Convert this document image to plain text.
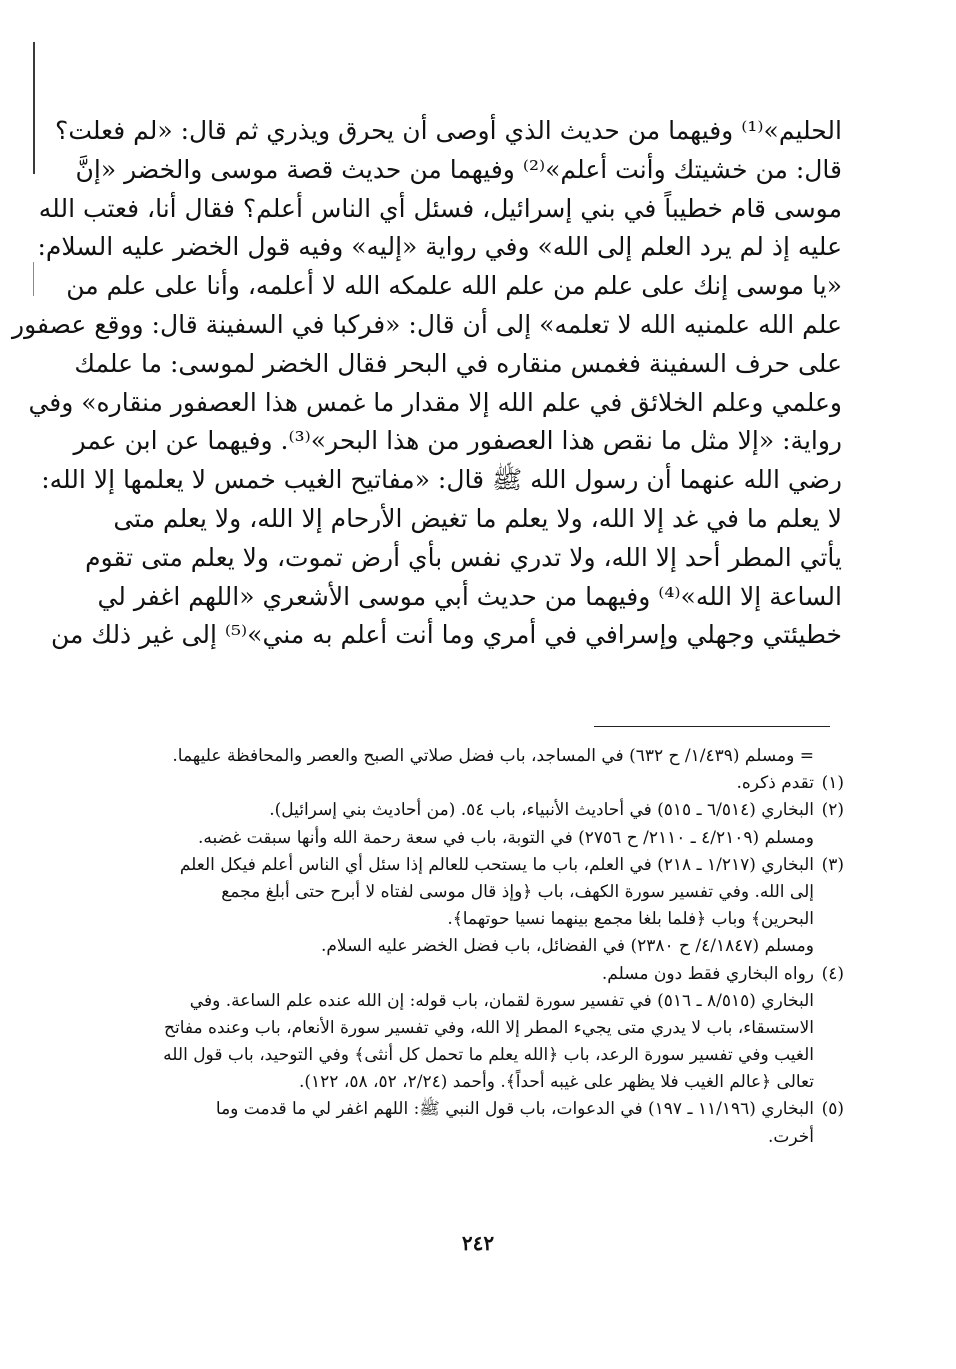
الحليم»⁽¹⁾ وفيهما من حديث الذي أوصى أن يحرق ويذري ثم قال: «لم فعلت؟
قال: من خشيتك وأنت أعلم»⁽²⁾ وفيهما من حديث قصة موسى والخضر «إنَّ
موسى قام خطيباً في بني إسرائيل، فسئل أي الناس أعلم؟ فقال أنا، فعتب الله
عليه إذ لم يرد العلم إلى الله» وفي رواية «إليه» وفيه قول الخضر عليه السلام:
«يا موسى إنك على علم من علم الله علمكه الله لا أعلمه، وأنا على علم من
علم الله علمنيه الله لا تعلمه» إلى أن قال: «فركبا في السفينة قال: ووقع عصفور
على حرف السفينة فغمس منقاره في البحر فقال الخضر لموسى: ما علمك
وعلمي وعلم الخلائق في علم الله إلا مقدار ما غمس هذا العصفور منقاره» وفي
رواية: «إلا مثل ما نقص هذا العصفور من هذا البحر»⁽³⁾. وفيهما عن ابن عمر
رضي الله عنهما أن رسول الله ﷺ قال: «مفاتيح الغيب خمس لا يعلمها إلا الله:
لا يعلم ما في غد إلا الله، ولا يعلم ما تغيض الأرحام إلا الله، ولا يعلم متى
يأتي المطر أحد إلا الله، ولا تدري نفس بأي أرض تموت، ولا يعلم متى تقوم
الساعة إلا الله»⁽⁴⁾ وفيهما من حديث أبي موسى الأشعري «اللهم اغفر لي
خطيئتي وجهلي وإسرافي في أمري وما أنت أعلم به مني»⁽⁵⁾ إلى غير ذلك من
= ومسلم (١/٤٣٩/ ح ٦٣٢) في المساجد، باب فضل صلاتي الصبح والعصر والمحافظة عليهما.
(١)تقدم ذكره.
(٢)البخاري (٦/٥١٤ ـ ٥١٥) في أحاديث الأنبياء، باب ٥٤. (من أحاديث بني إسرائيل).
ومسلم (٤/٢١٠٩ ـ ٢١١٠/ ح ٢٧٥٦) في التوبة، باب في سعة رحمة الله وأنها سبقت غضبه.
(٣)البخاري (١/٢١٧ ـ ٢١٨) في العلم، باب ما يستحب للعالم إذا سئل أي الناس أعلم فيكل العلم
إلى الله. وفي تفسير سورة الكهف، باب ﴿وإذ قال موسى لفتاه لا أبرح حتى أبلغ مجمع
البحرين﴾ وباب ﴿فلما بلغا مجمع بينهما نسيا حوتهما﴾.
ومسلم (٤/١٨٤٧/ ح ٢٣٨٠) في الفضائل، باب فضل الخضر عليه السلام.
(٤)رواه البخاري فقط دون مسلم.
البخاري (٨/٥١٥ ـ ٥١٦) في تفسير سورة لقمان، باب قوله: إن الله عنده علم الساعة. وفي
الاستسقاء، باب لا يدري متى يجيء المطر إلا الله، وفي تفسير سورة الأنعام، باب وعنده مفاتح
الغيب وفي تفسير سورة الرعد، باب ﴿الله يعلم ما تحمل كل أنثى﴾ وفي التوحيد، باب قول الله
تعالى ﴿عالم الغيب فلا يظهر على غيبه أحداً﴾. وأحمد (٢/٢٤، ٥٢، ٥٨، ١٢٢).
(٥)البخاري (١١/١٩٦ ـ ١٩٧) في الدعوات، باب قول النبي ﷺ: اللهم اغفر لي ما قدمت وما
أخرت.
٢٤٢
